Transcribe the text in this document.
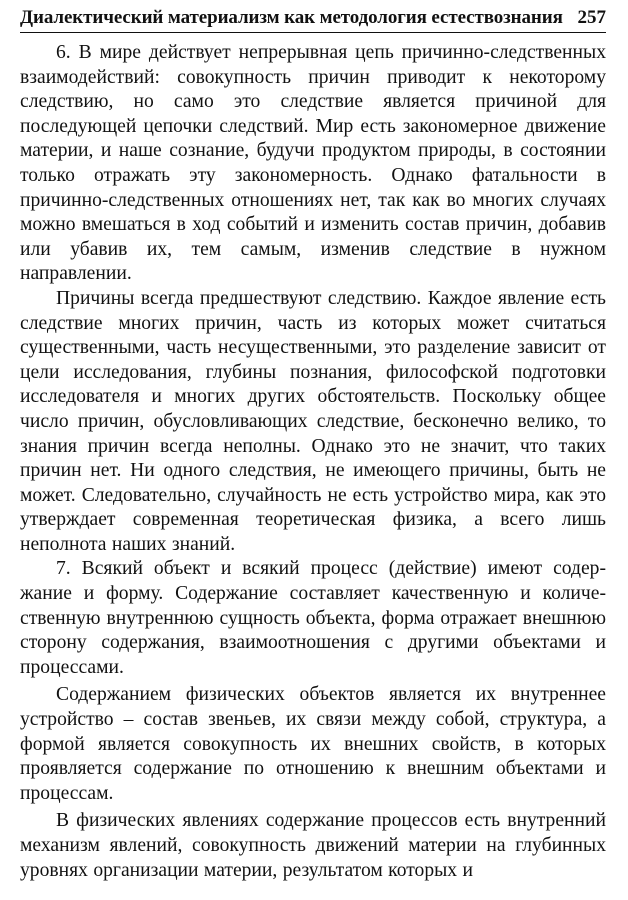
Диалектический материализм как методология естествознания 257

6. В мире действует непрерывная цепь причинно-следственных взаимодействий: совокупность причин приводит к некоторому следствию, но само это следствие является причиной для последующей цепочки следствий. Мир есть закономерное движение материи, и наше сознание, будучи продуктом природы, в состоянии только отражать эту закономерность. Однако фатальности в причинно-следственных отношениях нет, так как во многих случаях можно вмешаться в ход событий и изменить состав причин, добавив или убавив их, тем самым, изменив следствие в нужном направлении.

Причины всегда предшествуют следствию. Каждое явление есть следствие многих причин, часть из которых может считаться существенными, часть несущественными, это разделение зависит от цели исследования, глубины познания, философской подготовки исследователя и многих других обстоятельств. Поскольку общее число причин, обусловливающих следствие, бесконечно велико, то знания причин всегда неполны. Однако это не значит, что таких причин нет. Ни одного следствия, не имеющего причины, быть не может. Следовательно, случайность не есть устройство мира, как это утверждает современная теоретическая физика, а всего лишь неполнота наших знаний.

7. Всякий объект и всякий процесс (действие) имеют содержание и форму. Содержание составляет качественную и количественную внутреннюю сущность объекта, форма отражает внешнюю сторону содержания, взаимоотношения с другими объектами и процессами.

Содержанием физических объектов является их внутреннее устройство – состав звеньев, их связи между собой, структура, а формой является совокупность их внешних свойств, в которых проявляется содержание по отношению к внешним объектами и процессам.

В физических явлениях содержание процессов есть внутренний механизм явлений, совокупность движений материи на глубинных уровнях организации материи, результатом которых и
